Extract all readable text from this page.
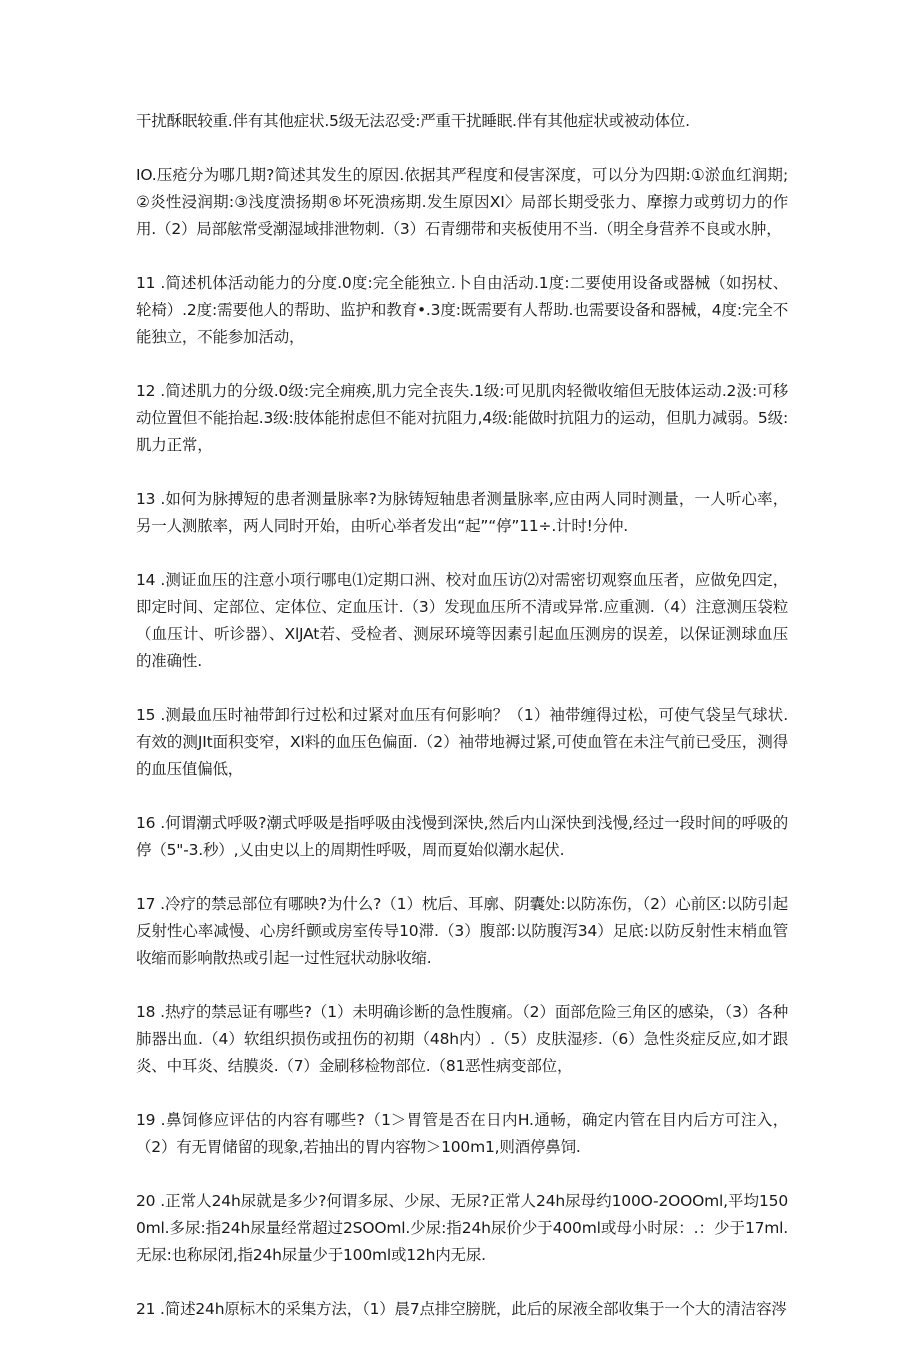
干扰酥眠较重.伴有其他症状.5级无法忍受:严重干扰睡眠.伴有其他症状或被动体位.

IO.压疮分为哪几期?简述其发生的原因.依据其严程度和侵害深度，可以分为四期:①淤血红润期;②炎性浸润期:③浅度溃扬期®坏死溃疡期.发生原因XI〉局部长期受张力、摩擦力或剪切力的作用.（2）局部舷常受潮湿域排泄物刺.（3）石青绷带和夹板使用不当.（明全身营养不良或水肿，

11 .简述机体活动能力的分度.0度:完全能独立.卜自由活动.1度:二要使用设备或器械（如拐杖、轮椅）.2度:需要他人的帮助、监护和教育•.3度:既需要有人帮助.也需要设备和器械，4度:完全不能独立，不能参加活动，

12 .简述肌力的分级.0级:完全痈痪,肌力完全丧失.1级:可见肌肉轻微收缩但无肢体运动.2汲:可移动位置但不能抬起.3级:肢体能拊虑但不能对抗阻力,4级:能做时抗阻力的运动，但肌力减弱。5级:肌力正常，

13 .如何为脉搏短的患者测量脉率?为脉铸短轴患者测量脉率,应由两人同时测量，一人听心率，另一人测脓率，两人同时开始，由听心举者发出“起”“停”11÷.计时!分仲.

14 .测证血压的注意小项行哪电⑴定期口洲、校对血压访⑵对需密切观察血压者，应做免四定，即定时间、定部位、定体位、定血压计.（3）发现血压所不清或异常.应重测.（4）注意测压袋粒（血压计、听诊器）、XlJAt若、受检者、测尿环境等因素引起血压测房的误差，以保证测球血压的准确性.

15 .测最血压时袖带卸行过松和过紧对血压有何影响？（1）袖带缠得过松，可使气袋呈气球状.有效的测JIt面积变窄，Xl料的血压色偏面.（2）袖带地褥过紧,可使血管在未注气前已受压，测得的血压值偏低，

16 .何谓潮式呼吸?潮式呼吸是指呼吸由浅慢到深快,然后内山深快到浅慢,经过一段时间的呼吸的停（5"-3.秒）,乂由史以上的周期性呼吸，周而夏始似潮水起伏.

17 .冷疗的禁忌部位有哪映?为什么?（1）枕后、耳廓、阴囊处:以防冻伤，（2）心前区:以防引起反射性心率减慢、心房纤颤或房室传导10滞.（3）腹部:以防腹泻34）足底:以防反射性末梢血管收缩而影响散热或引起一过性冠状动脉收缩.

18 .热疗的禁忌证有哪些?（1）未明确诊断的急性腹痛。（2）面部危险三角区的感染，（3）各种肺器出血.（4）软组织损伤或扭伤的初期（48h内）.（5）皮肤湿疹.（6）急性炎症反应,如才跟炎、中耳炎、结膜炎.（7）金刷移检物部位.（81恶性病变部位，

19 .鼻饲修应评估的内容有哪些?（1＞胃管是否在日内H.通畅，确定内管在目内后方可注入，（2）有无胃储留的现象,若抽出的胃内容物＞100m1,则酒停鼻饲.

20 .正常人24h尿就是多少?何谓多尿、少尿、无尿?正常人24h尿母约100O-2OOOml,平均1500ml.多尿:指24h尿量经常超过2SOOml.少尿:指24h尿价少于400ml或母小时尿：.：少于17ml.无尿:也称尿闭,指24h尿量少于100ml或12h内无尿.

21 .简述24h原标木的采集方法，（1）晨7点排空膀胱，此后的尿液全部收集于一个大的清洁容涔
